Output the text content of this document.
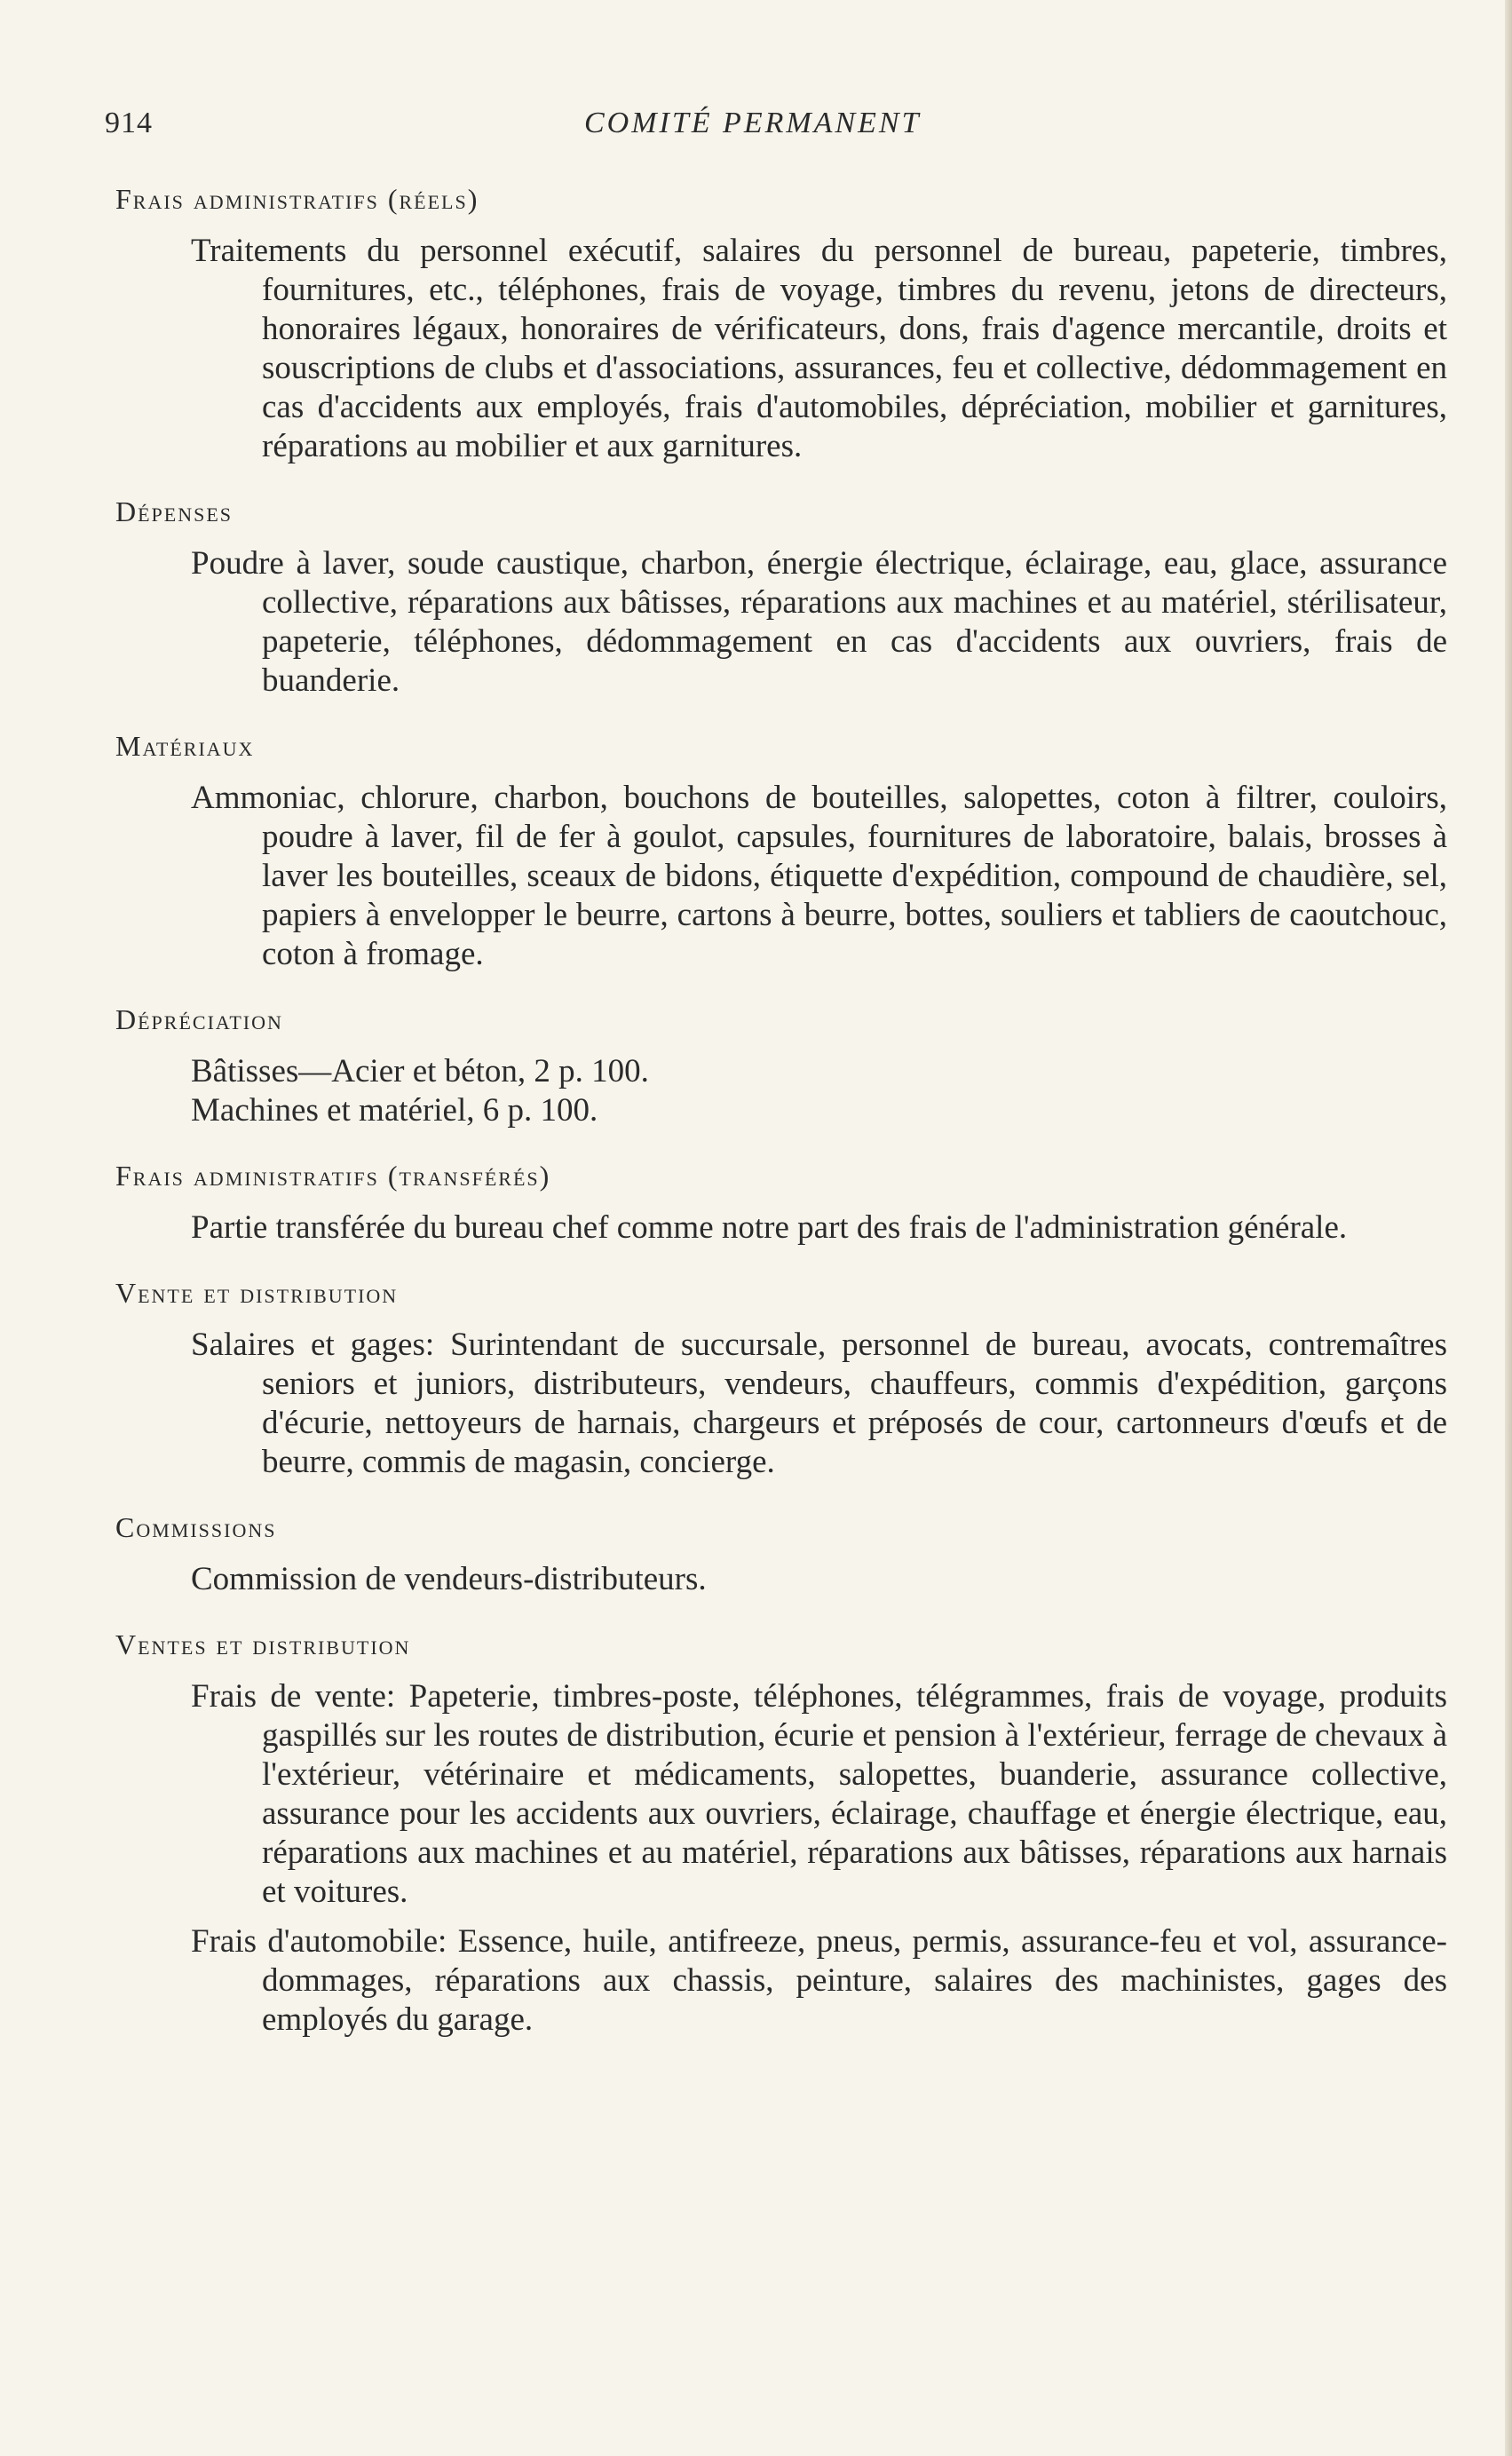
914	COMITÉ PERMANENT
Frais administratifs (réels)
Traitements du personnel exécutif, salaires du personnel de bureau, papeterie, timbres, fournitures, etc., téléphones, frais de voyage, timbres du revenu, jetons de directeurs, honoraires légaux, honoraires de vérificateurs, dons, frais d'agence mercantile, droits et souscriptions de clubs et d'associations, assurances, feu et collective, dédommagement en cas d'accidents aux employés, frais d'automobiles, dépréciation, mobilier et garnitures, réparations au mobilier et aux garnitures.
Dépenses
Poudre à laver, soude caustique, charbon, énergie électrique, éclairage, eau, glace, assurance collective, réparations aux bâtisses, réparations aux machines et au matériel, stérilisateur, papeterie, téléphones, dédommagement en cas d'accidents aux ouvriers, frais de buanderie.
Matériaux
Ammoniac, chlorure, charbon, bouchons de bouteilles, salopettes, coton à filtrer, couloirs, poudre à laver, fil de fer à goulot, capsules, fournitures de laboratoire, balais, brosses à laver les bouteilles, sceaux de bidons, étiquette d'expédition, compound de chaudière, sel, papiers à envelopper le beurre, cartons à beurre, bottes, souliers et tabliers de caoutchouc, coton à fromage.
Dépréciation
Bâtisses—Acier et béton, 2 p. 100.
Machines et matériel, 6 p. 100.
Frais administratifs (transférés)
Partie transférée du bureau chef comme notre part des frais de l'administration générale.
Vente et distribution
Salaires et gages: Surintendant de succursale, personnel de bureau, avocats, contremaîtres seniors et juniors, distributeurs, vendeurs, chauffeurs, commis d'expédition, garçons d'écurie, nettoyeurs de harnais, chargeurs et préposés de cour, cartonneurs d'œufs et de beurre, commis de magasin, concierge.
Commissions
Commission de vendeurs-distributeurs.
Ventes et distribution
Frais de vente: Papeterie, timbres-poste, téléphones, télégrammes, frais de voyage, produits gaspillés sur les routes de distribution, écurie et pension à l'extérieur, ferrage de chevaux à l'extérieur, vétérinaire et médicaments, salopettes, buanderie, assurance collective, assurance pour les accidents aux ouvriers, éclairage, chauffage et énergie électrique, eau, réparations aux machines et au matériel, réparations aux bâtisses, réparations aux harnais et voitures.
Frais d'automobile: Essence, huile, antifreeze, pneus, permis, assurance-feu et vol, assurance-dommages, réparations aux chassis, peinture, salaires des machinistes, gages des employés du garage.
